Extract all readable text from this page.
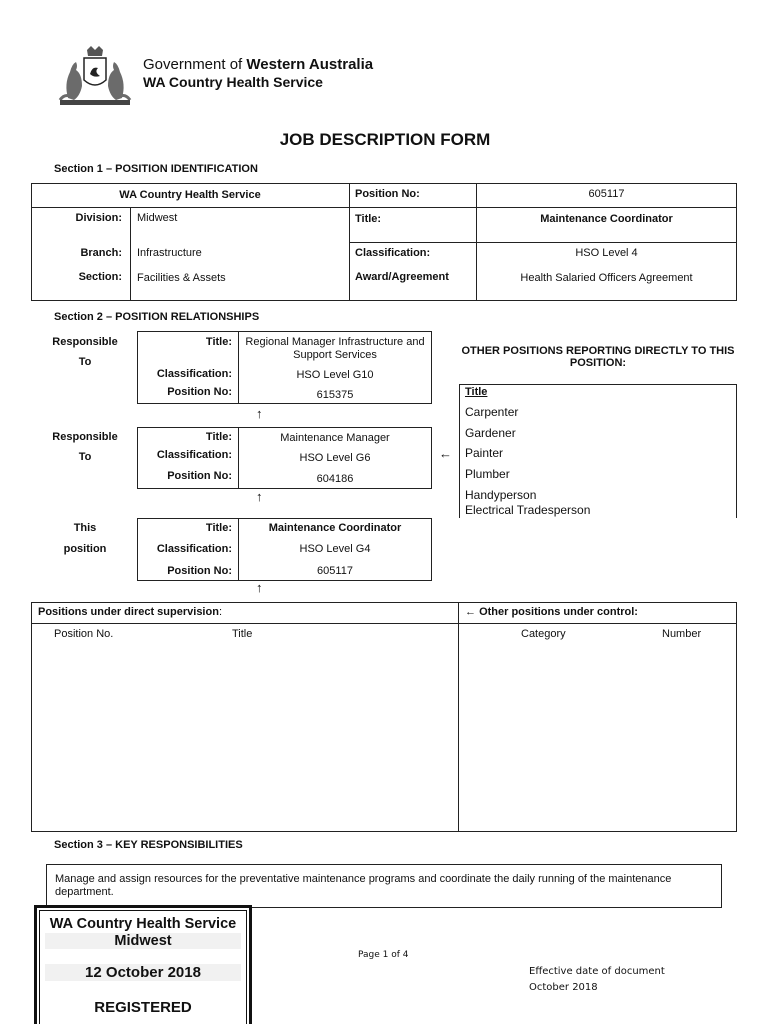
Government of Western Australia
WA Country Health Service
JOB DESCRIPTION FORM
Section 1 – POSITION IDENTIFICATION
WA Country Health Service	Position No:	605117
Division: Midwest	Title:	Maintenance Coordinator
Branch: Infrastructure	Classification:	HSO Level 4
Section: Facilities & Assets	Award/Agreement	Health Salaried Officers Agreement
Section 2 – POSITION RELATIONSHIPS
Responsible
To
Title:	Regional Manager Infrastructure and Support Services
Classification:	HSO Level G10
Position No:	615375
↑
Responsible
To
Title:	Maintenance Manager
Classification:	HSO Level G6
Position No:	604186
←
↑
This
position
Title:	Maintenance Coordinator
Classification:	HSO Level G4
Position No:	605117
↑
OTHER POSITIONS REPORTING DIRECTLY TO THIS POSITION:
Title
Carpenter
Gardener
Painter
Plumber
Handyperson
Electrical Tradesperson
Positions under direct supervision:
Position No.	Title
← Other positions under control:
Category	Number
Section 3 – KEY RESPONSIBILITIES
Manage and assign resources for the preventative maintenance programs and coordinate the daily running of the maintenance department.
WA Country Health Service
Midwest
12 October 2018
REGISTERED
Page 1 of 4
Effective date of document
October 2018
